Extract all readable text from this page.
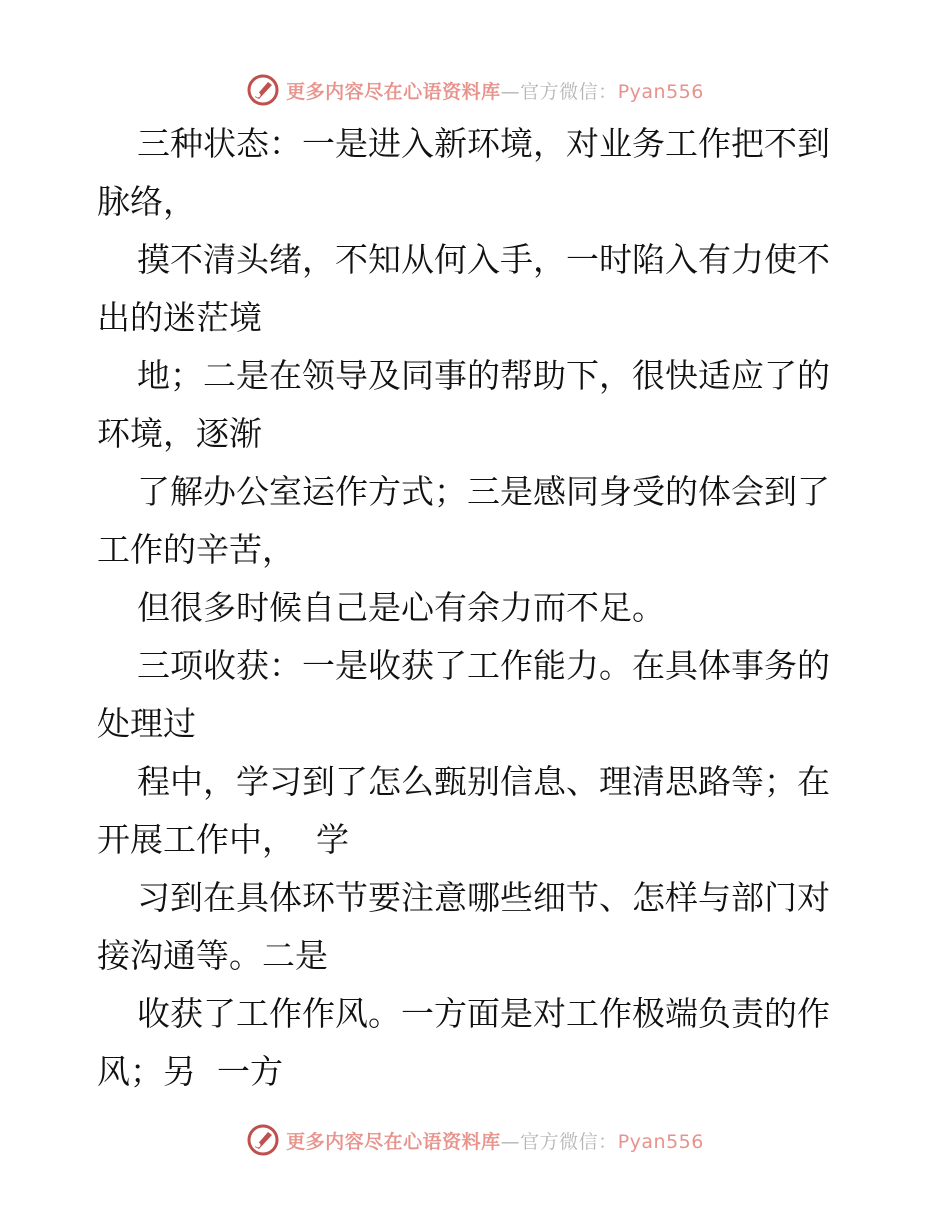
更多内容尽在心语资料库—官方微信：Pyan556

三种状态：一是进入新环境，对业务工作把不到脉络，

摸不清头绪，不知从何入手，一时陷入有力使不出的迷茫境

地；二是在领导及同事的帮助下，很快适应了的环境，逐渐

了解办公室运作方式；三是感同身受的体会到了工作的辛苦，

但很多时候自己是心有余力而不足。

三项收获：一是收获了工作能力。在具体事务的处理过

程中，学习到了怎么甄别信息、理清思路等；在开展工作中，  学

习到在具体环节要注意哪些细节、怎样与部门对接沟通等。二是

收获了工作作风。一方面是对工作极端负责的作风；另  一方

更多内容尽在心语资料库—官方微信：Pyan556
